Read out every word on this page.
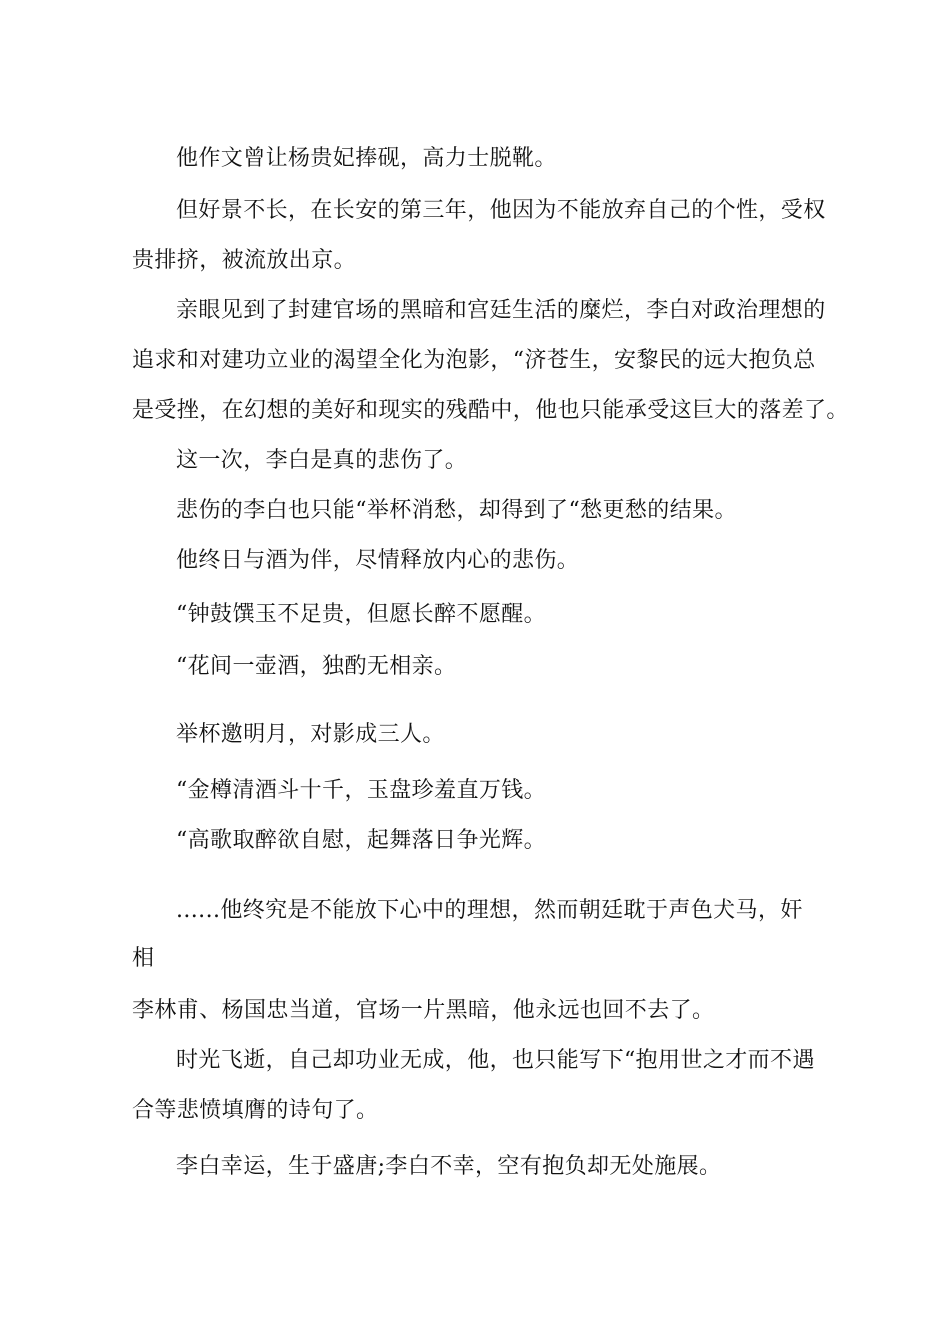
他作文曾让杨贵妃捧砚，高力士脱靴。
但好景不长，在长安的第三年，他因为不能放弃自己的个性，受权
贵排挤，被流放出京。
亲眼见到了封建官场的黑暗和宫廷生活的糜烂，李白对政治理想的
追求和对建功立业的渴望全化为泡影，“济苍生，安黎民的远大抱负总
是受挫，在幻想的美好和现实的残酷中，他也只能承受这巨大的落差了。
这一次，李白是真的悲伤了。
悲伤的李白也只能“举杯消愁，却得到了“愁更愁的结果。
他终日与酒为伴，尽情释放内心的悲伤。
“钟鼓馔玉不足贵，但愿长醉不愿醒。
“花间一壶酒，独酌无相亲。
举杯邀明月，对影成三人。
“金樽清酒斗十千，玉盘珍羞直万钱。
“高歌取醉欲自慰，起舞落日争光辉。
......他终究是不能放下心中的理想，然而朝廷耽于声色犬马，奸
相
李林甫、杨国忠当道，官场一片黑暗，他永远也回不去了。
时光飞逝，自己却功业无成，他，也只能写下“抱用世之才而不遇
合等悲愤填膺的诗句了。
李白幸运，生于盛唐;李白不幸，空有抱负却无处施展。
